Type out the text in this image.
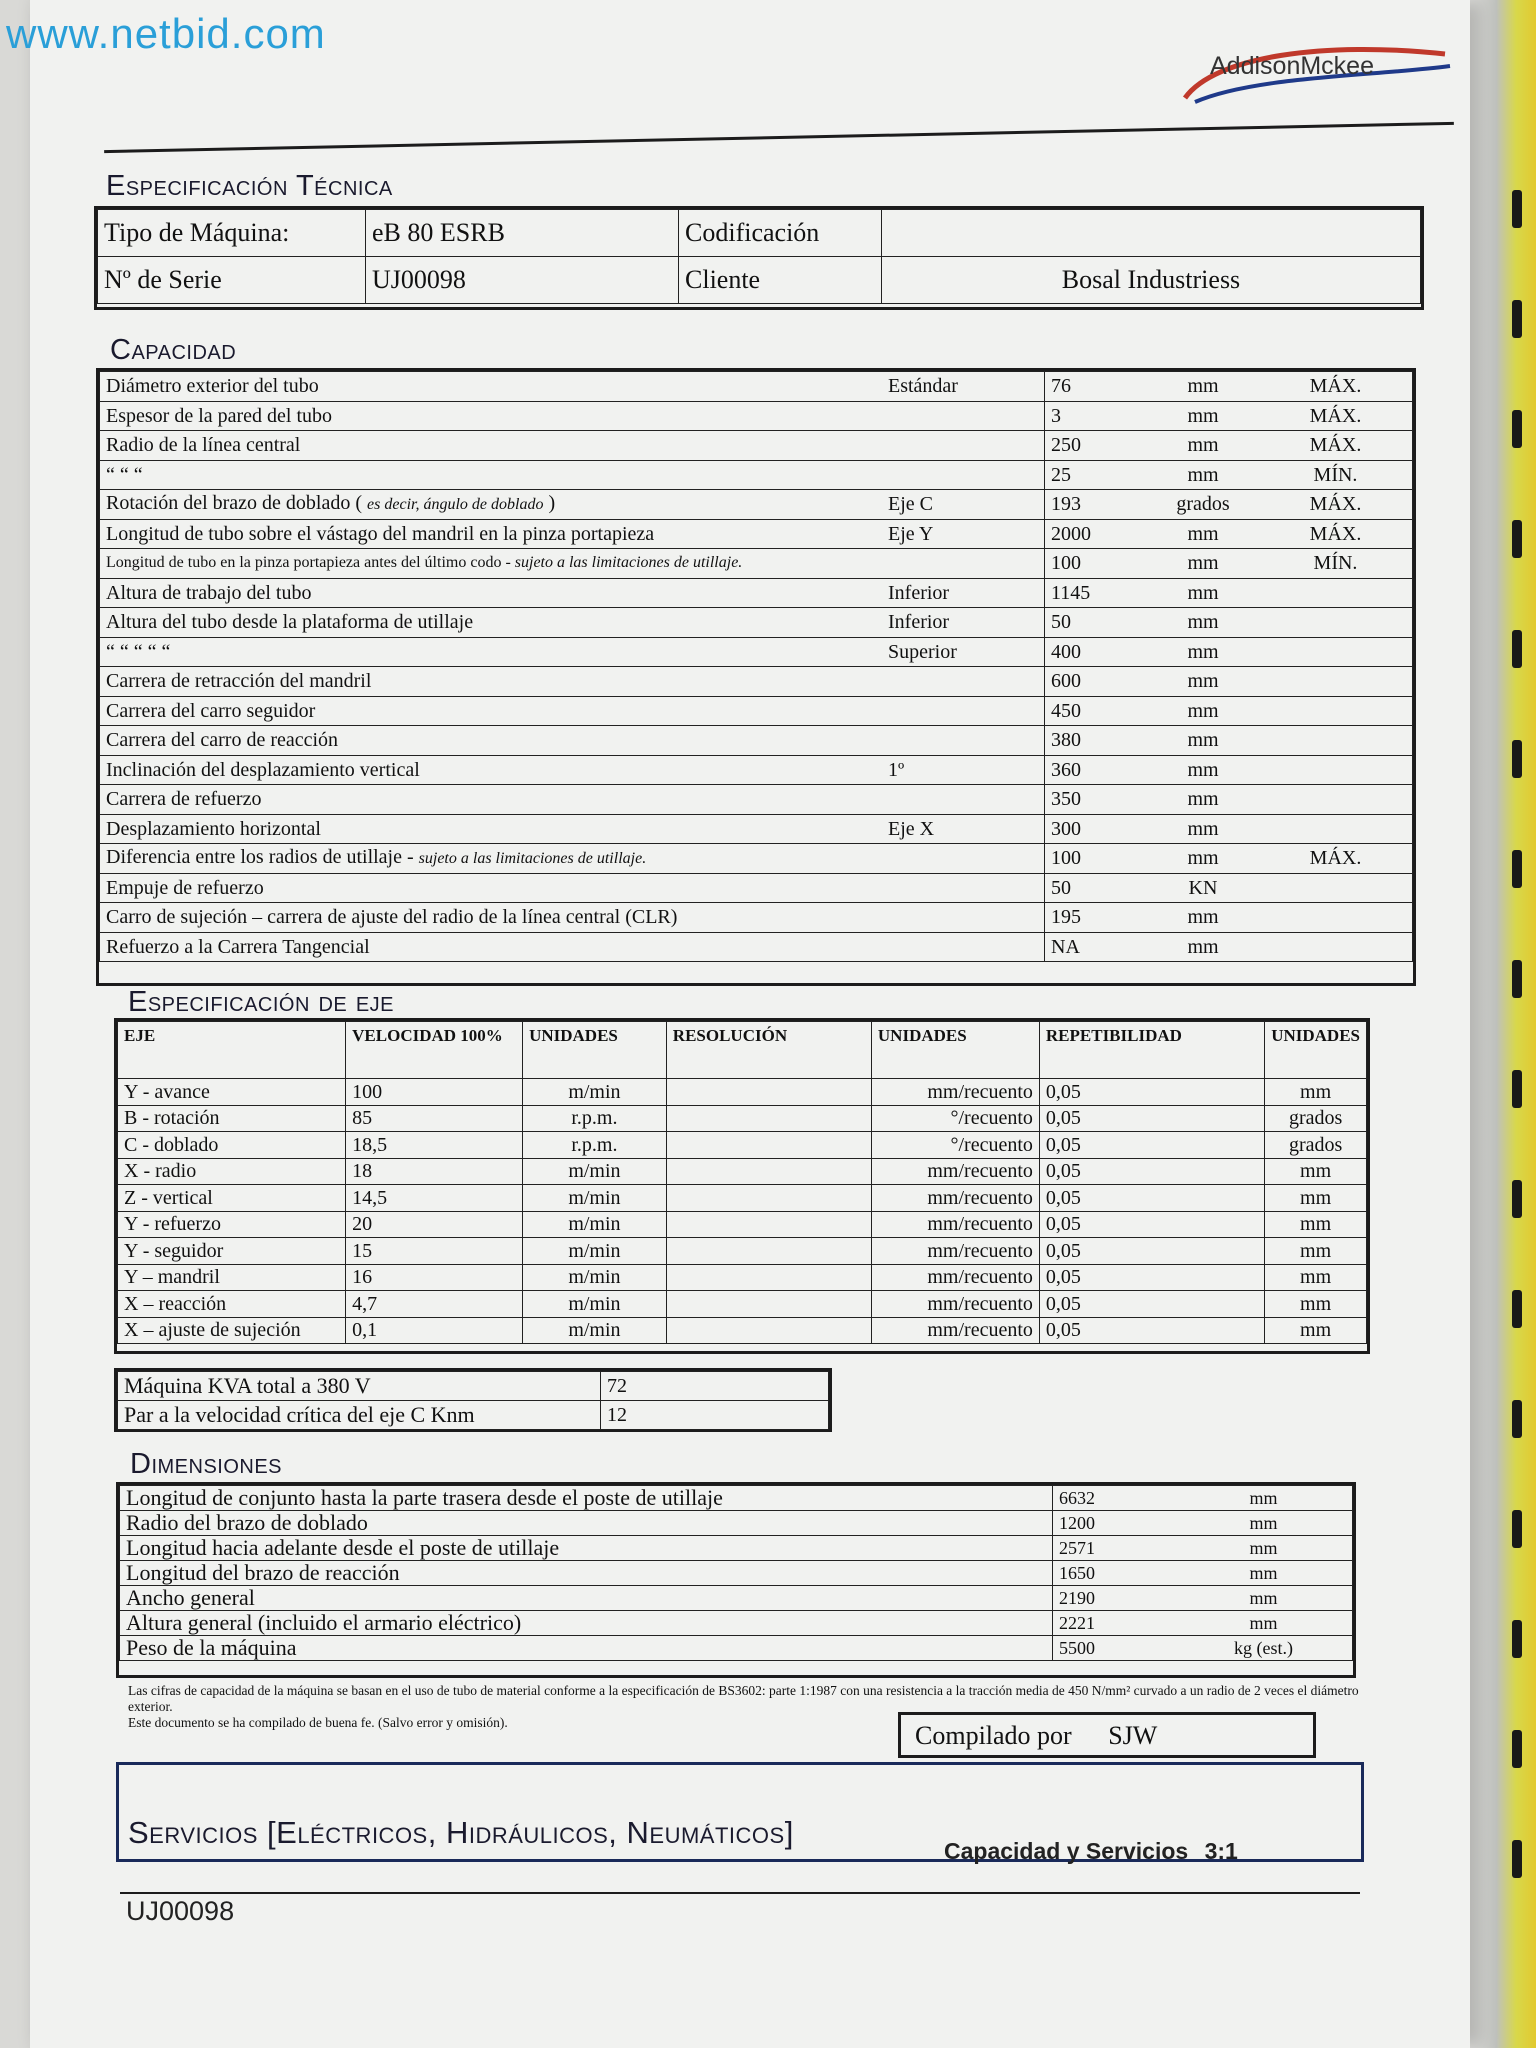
www.netbid.com
AddisonMckee
Especificación Técnica
Tipo de Máquina:	eB 80 ESRB	Codificación	
Nº de Serie	UJ00098	Cliente	Bosal Industriess
Capacidad
Diámetro exterior del tubo	Estándar	76	mm	MÁX.
Espesor de la pared del tubo		3	mm	MÁX.
Radio de la línea central		250	mm	MÁX.
“ “ “		25	mm	MÍN.
Rotación del brazo de doblado ( es decir, ángulo de doblado )	Eje C	193	grados	MÁX.
Longitud de tubo sobre el vástago del mandril en la pinza portapieza	Eje Y	2000	mm	MÁX.
Longitud de tubo en la pinza portapieza antes del último codo - sujeto a las limitaciones de utillaje.		100	mm	MÍN.
Altura de trabajo del tubo	Inferior	1145	mm	
Altura del tubo desde la plataforma de utillaje	Inferior	50	mm	
“ “ “ “ “	Superior	400	mm	
Carrera de retracción del mandril		600	mm	
Carrera del carro seguidor		450	mm	
Carrera del carro de reacción		380	mm	
Inclinación del desplazamiento vertical	1º	360	mm	
Carrera de refuerzo		350	mm	
Desplazamiento horizontal	Eje X	300	mm	
Diferencia entre los radios de utillaje - sujeto a las limitaciones de utillaje.		100	mm	MÁX.
Empuje de refuerzo		50	KN	
Carro de sujeción – carrera de ajuste del radio de la línea central (CLR)		195	mm	
Refuerzo a la Carrera Tangencial		NA	mm	
Especificación de eje
EJE	VELOCIDAD 100%	UNIDADES	RESOLUCIÓN	UNIDADES	REPETIBILIDAD	UNIDADES
Y - avance	100	m/min		mm/recuento	0,05	mm
B - rotación	85	r.p.m.		°/recuento	0,05	grados
C - doblado	18,5	r.p.m.		°/recuento	0,05	grados
X - radio	18	m/min		mm/recuento	0,05	mm
Z - vertical	14,5	m/min		mm/recuento	0,05	mm
Y - refuerzo	20	m/min		mm/recuento	0,05	mm
Y - seguidor	15	m/min		mm/recuento	0,05	mm
Y – mandril	16	m/min		mm/recuento	0,05	mm
X – reacción	4,7	m/min		mm/recuento	0,05	mm
X – ajuste de sujeción	0,1	m/min		mm/recuento	0,05	mm
Máquina KVA total a 380 V	72
Par a la velocidad crítica del eje C Knm	12
Dimensiones
Longitud de conjunto hasta la parte trasera desde el poste de utillaje	6632	mm
Radio del brazo de doblado	1200	mm
Longitud hacia adelante desde el poste de utillaje	2571	mm
Longitud del brazo de reacción	1650	mm
Ancho general	2190	mm
Altura general (incluido el armario eléctrico)	2221	mm
Peso de la máquina	5500	kg (est.)
Las cifras de capacidad de la máquina se basan en el uso de tubo de material conforme a la especificación de BS3602: parte 1:1987 con una resistencia a la tracción media de 450 N/mm² curvado a un radio de 2 veces el diámetro exterior.
Este documento se ha compilado de buena fe. (Salvo error y omisión).	Compilado por SJW
Servicios [Eléctricos, Hidráulicos, Neumáticos]
Capacidad y Servicios 3:1
UJ00098
